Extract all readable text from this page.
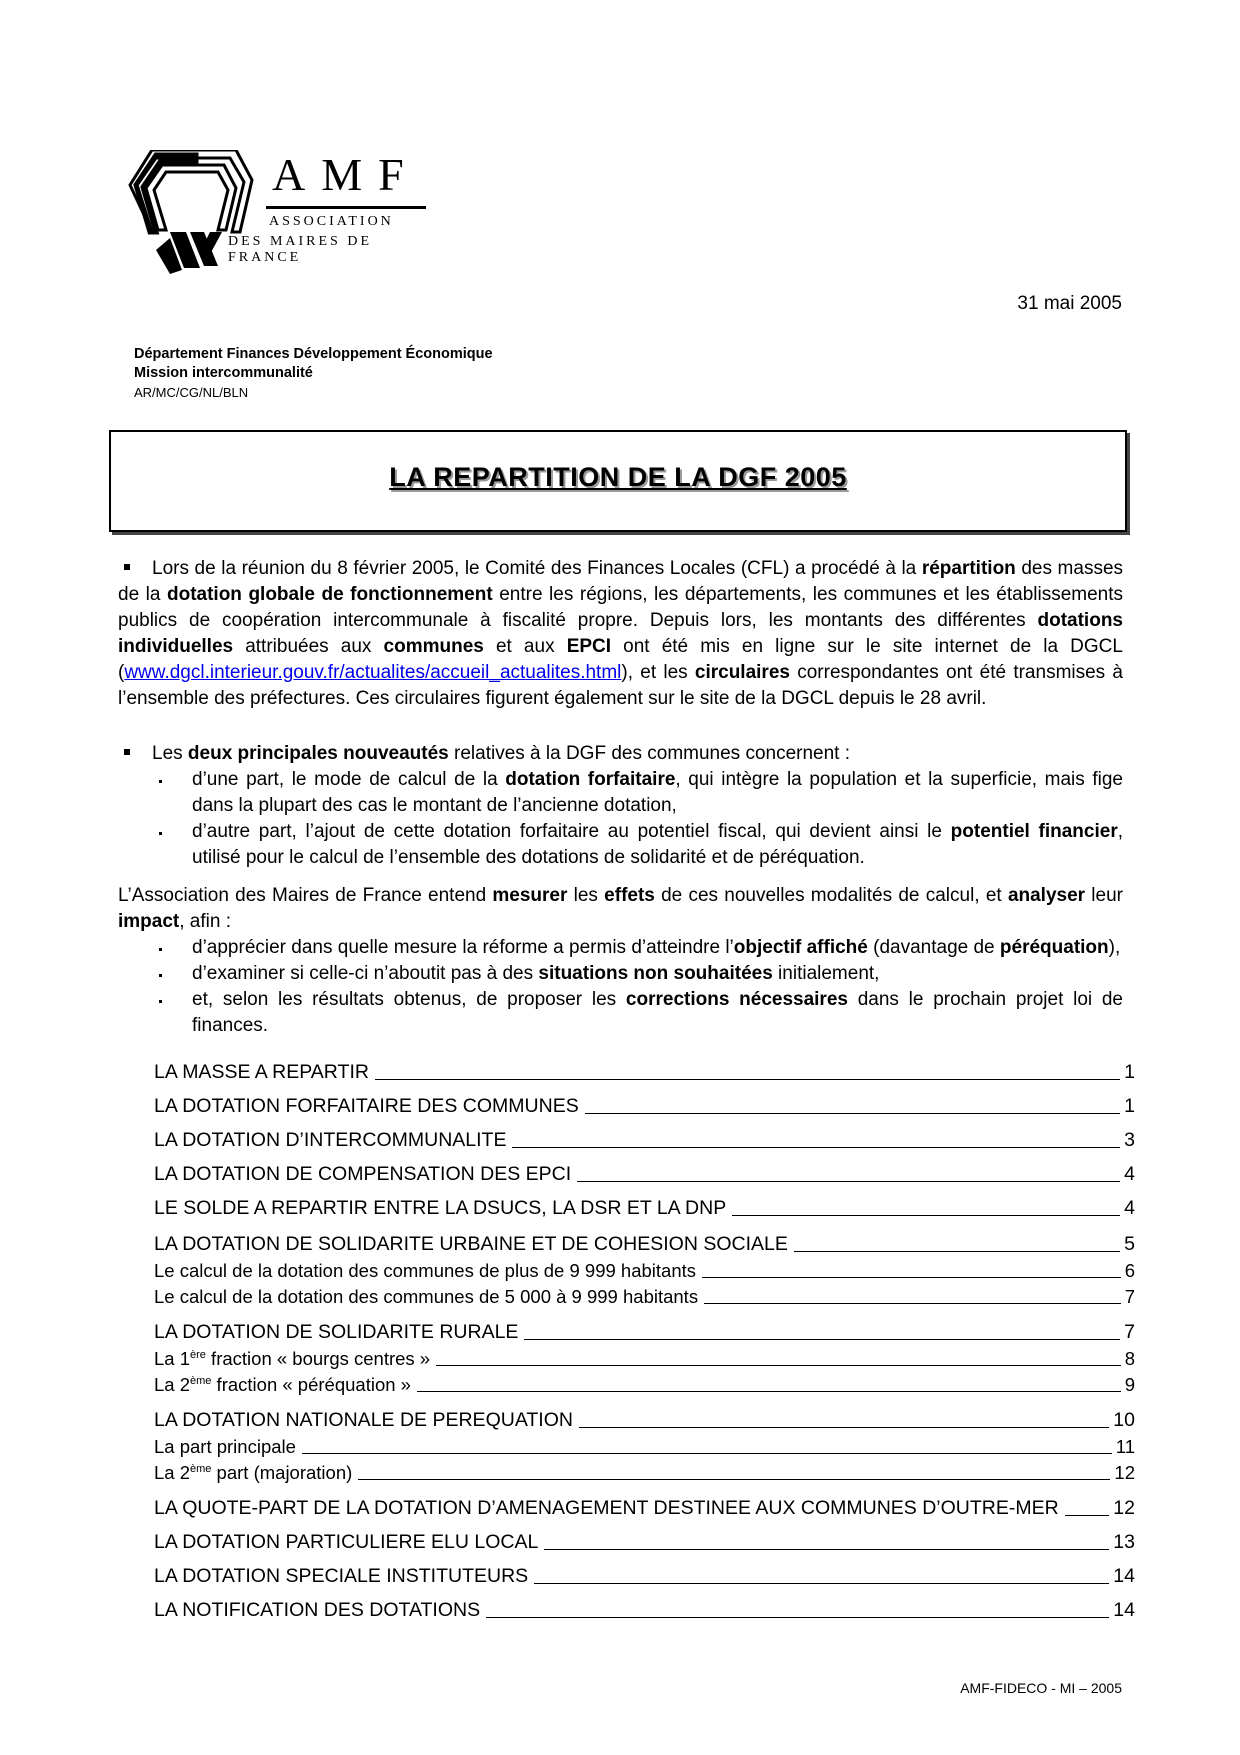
AMF
ASSOCIATION
DES MAIRES DE FRANCE
31 mai 2005
Département Finances Développement Économique
Mission intercommunalité
AR/MC/CG/NL/BLN
LA REPARTITION DE LA DGF 2005
Lors de la réunion du 8 février 2005, le Comité des Finances Locales (CFL) a procédé à la répartition des masses de la dotation globale de fonctionnement entre les régions, les départements, les communes et les établissements publics de coopération intercommunale à fiscalité propre. Depuis lors, les montants des différentes dotations individuelles attribuées aux communes et aux EPCI ont été mis en ligne sur le site internet de la DGCL (www.dgcl.interieur.gouv.fr/actualites/accueil_actualites.html), et les circulaires correspondantes ont été transmises à l’ensemble des préfectures. Ces circulaires figurent également sur le site de la DGCL depuis le 28 avril.
Les deux principales nouveautés relatives à la DGF des communes concernent :
d’une part, le mode de calcul de la dotation forfaitaire, qui intègre la population et la superficie, mais fige dans la plupart des cas le montant de l’ancienne dotation,
d’autre part, l’ajout de cette dotation forfaitaire au potentiel fiscal, qui devient ainsi le potentiel financier, utilisé pour le calcul de l’ensemble des dotations de solidarité et de péréquation.
L’Association des Maires de France entend mesurer les effets de ces nouvelles modalités de calcul, et analyser leur impact, afin :
d’apprécier dans quelle mesure la réforme a permis d’atteindre l’objectif affiché (davantage de péréquation),
d’examiner si celle-ci n’aboutit pas à des situations non souhaitées initialement,
et, selon les résultats obtenus, de proposer les corrections nécessaires dans le prochain projet loi de finances.
LA MASSE A REPARTIR	1
LA DOTATION FORFAITAIRE DES COMMUNES	1
LA DOTATION D’INTERCOMMUNALITE	3
LA DOTATION DE COMPENSATION DES EPCI	4
LE SOLDE A REPARTIR ENTRE LA DSUCS, LA DSR ET LA DNP	4
LA DOTATION DE SOLIDARITE URBAINE ET DE COHESION SOCIALE	5
Le calcul de la dotation des communes de plus de 9 999 habitants	6
Le calcul de la dotation des communes de 5 000 à 9 999 habitants	7
LA DOTATION DE SOLIDARITE RURALE	7
La 1ère fraction « bourgs centres »	8
La 2ème fraction « péréquation »	9
LA DOTATION NATIONALE DE PEREQUATION	10
La part principale	11
La 2ème part (majoration)	12
LA QUOTE-PART DE LA DOTATION D’AMENAGEMENT DESTINEE AUX COMMUNES D’OUTRE-MER	12
LA DOTATION PARTICULIERE ELU LOCAL	13
LA DOTATION SPECIALE INSTITUTEURS	14
LA NOTIFICATION DES DOTATIONS	14
AMF-FIDECO - MI – 2005
